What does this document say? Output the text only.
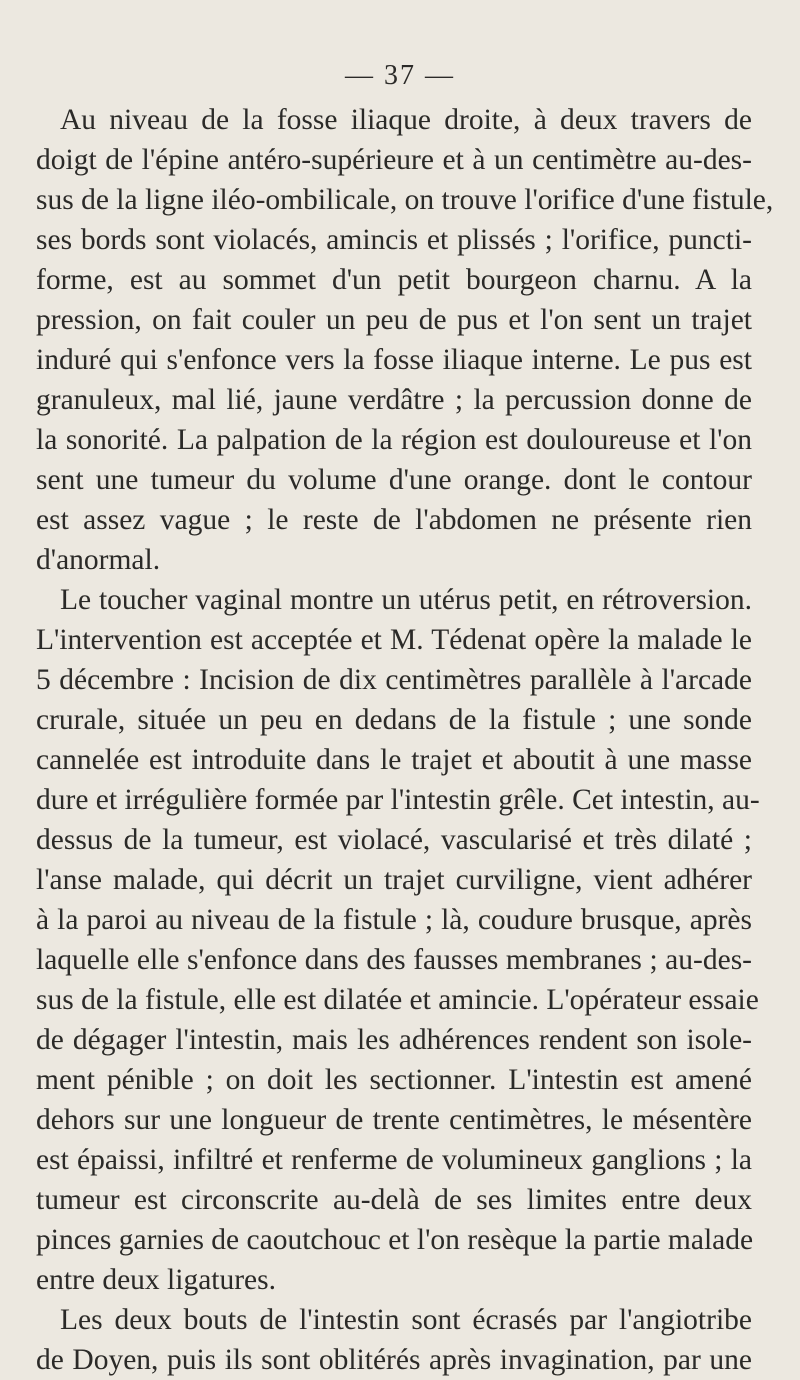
— 37 —
Au niveau de la fosse iliaque droite, à deux travers de
doigt de l'épine antéro-supérieure et à un centimètre au-des-
sus de la ligne iléo-ombilicale, on trouve l'orifice d'une fistule,
ses bords sont violacés, amincis et plissés ; l'orifice, puncti-
forme, est au sommet d'un petit bourgeon charnu. A la
pression, on fait couler un peu de pus et l'on sent un trajet
induré qui s'enfonce vers la fosse iliaque interne. Le pus est
granuleux, mal lié, jaune verdâtre ; la percussion donne de
la sonorité. La palpation de la région est douloureuse et l'on
sent une tumeur du volume d'une orange. dont le contour
est assez vague ; le reste de l'abdomen ne présente rien
d'anormal.
Le toucher vaginal montre un utérus petit, en rétroversion.
L'intervention est acceptée et M. Tédenat opère la malade le
5 décembre : Incision de dix centimètres parallèle à l'arcade
crurale, située un peu en dedans de la fistule ; une sonde
cannelée est introduite dans le trajet et aboutit à une masse
dure et irrégulière formée par l'intestin grêle. Cet intestin, au-
dessus de la tumeur, est violacé, vascularisé et très dilaté ;
l'anse malade, qui décrit un trajet curviligne, vient adhérer
à la paroi au niveau de la fistule ; là, coudure brusque, après
laquelle elle s'enfonce dans des fausses membranes ; au-des-
sus de la fistule, elle est dilatée et amincie. L'opérateur essaie
de dégager l'intestin, mais les adhérences rendent son isole-
ment pénible ; on doit les sectionner. L'intestin est amené
dehors sur une longueur de trente centimètres, le mésentère
est épaissi, infiltré et renferme de volumineux ganglions ; la
tumeur est circonscrite au-delà de ses limites entre deux
pinces garnies de caoutchouc et l'on resèque la partie malade
entre deux ligatures.
Les deux bouts de l'intestin sont écrasés par l'angiotribe
de Doyen, puis ils sont oblitérés après invagination, par une
